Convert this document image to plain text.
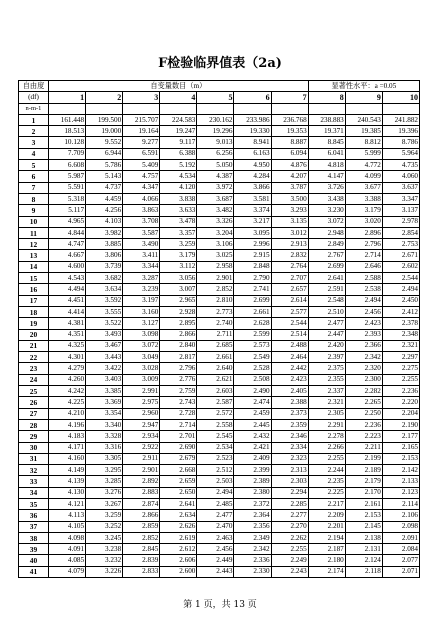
F检验临界值表（2a)
自由度	自变量数目（m）							显著性水平：a =0.05		
(df)	1	2	3	4	5	6	7	8	9	10
n-m-1										
1	161.448	199.500	215.707	224.583	230.162	233.986	236.768	238.883	240.543	241.882
2	18.513	19.000	19.164	19.247	19.296	19.330	19.353	19.371	19.385	19.396
3	10.128	9.552	9.277	9.117	9.013	8.941	8.887	8.845	8.812	8.786
4	7.709	6.944	6.591	6.388	6.256	6.163	6.094	6.041	5.999	5.964
5	6.608	5.786	5.409	5.192	5.050	4.950	4.876	4.818	4.772	4.735
6	5.987	5.143	4.757	4.534	4.387	4.284	4.207	4.147	4.099	4.060
7	5.591	4.737	4.347	4.120	3.972	3.866	3.787	3.726	3.677	3.637
8	5.318	4.459	4.066	3.838	3.687	3.581	3.500	3.438	3.388	3.347
9	5.117	4.256	3.863	3.633	3.482	3.374	3.293	3.230	3.179	3.137
10	4.965	4.103	3.708	3.478	3.326	3.217	3.135	3.072	3.020	2.978
11	4.844	3.982	3.587	3.357	3.204	3.095	3.012	2.948	2.896	2.854
12	4.747	3.885	3.490	3.259	3.106	2.996	2.913	2.849	2.796	2.753
13	4.667	3.806	3.411	3.179	3.025	2.915	2.832	2.767	2.714	2.671
14	4.600	3.739	3.344	3.112	2.958	2.848	2.764	2.699	2.646	2.602
15	4.543	3.682	3.287	3.056	2.901	2.790	2.707	2.641	2.588	2.544
16	4.494	3.634	3.239	3.007	2.852	2.741	2.657	2.591	2.538	2.494
17	4.451	3.592	3.197	2.965	2.810	2.699	2.614	2.548	2.494	2.450
18	4.414	3.555	3.160	2.928	2.773	2.661	2.577	2.510	2.456	2.412
19	4.381	3.522	3.127	2.895	2.740	2.628	2.544	2.477	2.423	2.378
20	4.351	3.493	3.098	2.866	2.711	2.599	2.514	2.447	2.393	2.348
21	4.325	3.467	3.072	2.840	2.685	2.573	2.488	2.420	2.366	2.321
22	4.301	3.443	3.049	2.817	2.661	2.549	2.464	2.397	2.342	2.297
23	4.279	3.422	3.028	2.796	2.640	2.528	2.442	2.375	2.320	2.275
24	4.260	3.403	3.009	2.776	2.621	2.508	2.423	2.355	2.300	2.255
25	4.242	3.385	2.991	2.759	2.603	2.490	2.405	2.337	2.282	2.236
26	4.225	3.369	2.975	2.743	2.587	2.474	2.388	2.321	2.265	2.220
27	4.210	3.354	2.960	2.728	2.572	2.459	2.373	2.305	2.250	2.204
28	4.196	3.340	2.947	2.714	2.558	2.445	2.359	2.291	2.236	2.190
29	4.183	3.328	2.934	2.701	2.545	2.432	2.346	2.278	2.223	2.177
30	4.171	3.316	2.922	2.690	2.534	2.421	2.334	2.266	2.211	2.165
31	4.160	3.305	2.911	2.679	2.523	2.409	2.323	2.255	2.199	2.153
32	4.149	3.295	2.901	2.668	2.512	2.399	2.313	2.244	2.189	2.142
33	4.139	3.285	2.892	2.659	2.503	2.389	2.303	2.235	2.179	2.133
34	4.130	3.276	2.883	2.650	2.494	2.380	2.294	2.225	2.170	2.123
35	4.121	3.267	2.874	2.641	2.485	2.372	2.285	2.217	2.161	2.114
36	4.113	3.259	2.866	2.634	2.477	2.364	2.277	2.209	2.153	2.106
37	4.105	3.252	2.859	2.626	2.470	2.356	2.270	2.201	2.145	2.098
38	4.098	3.245	2.852	2.619	2.463	2.349	2.262	2.194	2.138	2.091
39	4.091	3.238	2.845	2.612	2.456	2.342	2.255	2.187	2.131	2.084
40	4.085	3.232	2.839	2.606	2.449	2.336	2.249	2.180	2.124	2.077
41	4.079	3.226	2.833	2.600	2.443	2.330	2.243	2.174	2.118	2.071
第 1 页，共 13 页
